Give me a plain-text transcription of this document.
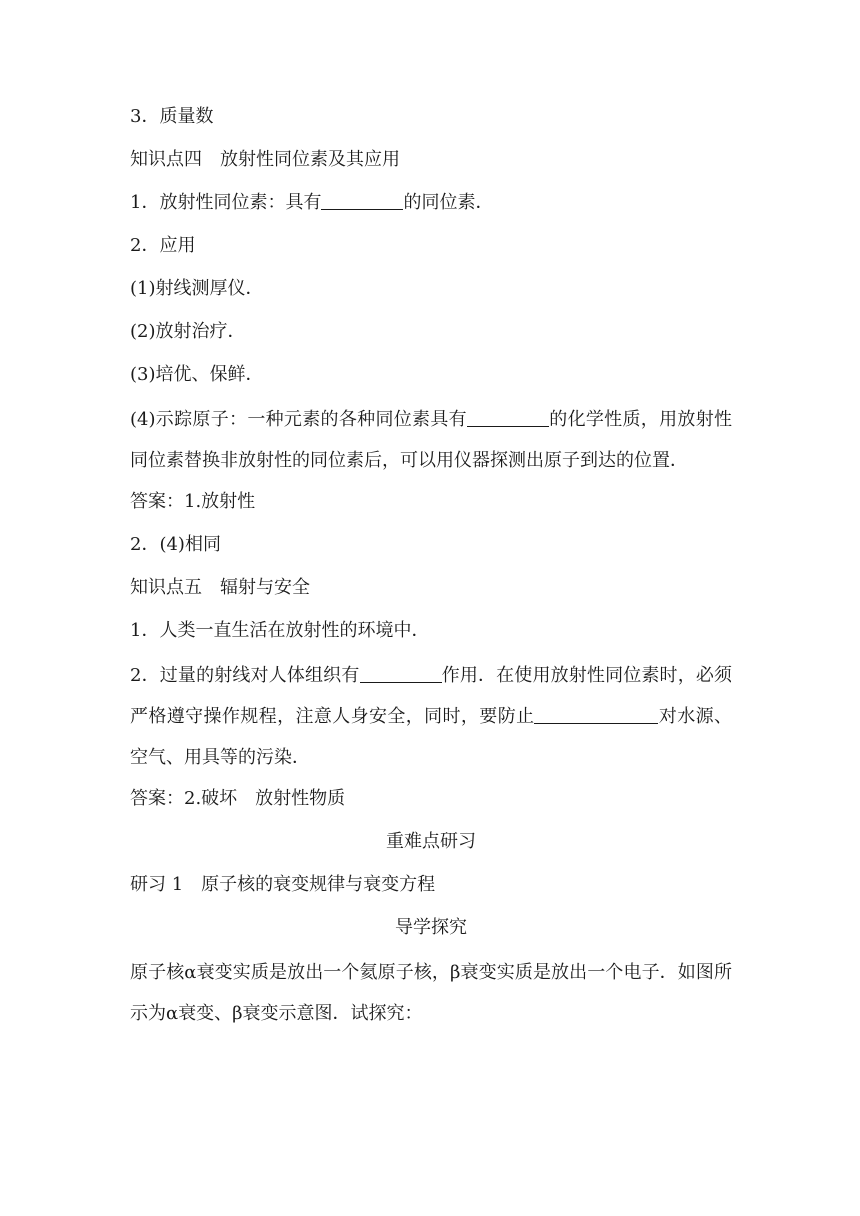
3．质量数
知识点四　放射性同位素及其应用
1．放射性同位素：具有	的同位素．
2．应用
(1)射线测厚仪．
(2)放射治疗．
(3)培优、保鲜．
(4)示踪原子：一种元素的各种同位素具有	的化学性质，用放射性同位素替换非放射性的同位素后，可以用仪器探测出原子到达的位置．
答案：1.放射性
2．(4)相同
知识点五　辐射与安全
1．人类一直生活在放射性的环境中．
2．过量的射线对人体组织有	作用．在使用放射性同位素时，必须严格遵守操作规程，注意人身安全，同时，要防止	对水源、空气、用具等的污染．
答案：2.破坏　放射性物质
重难点研习
研习 1　原子核的衰变规律与衰变方程
导学探究
原子核α衰变实质是放出一个氦原子核，β衰变实质是放出一个电子．如图所示为α衰变、β衰变示意图．试探究：
